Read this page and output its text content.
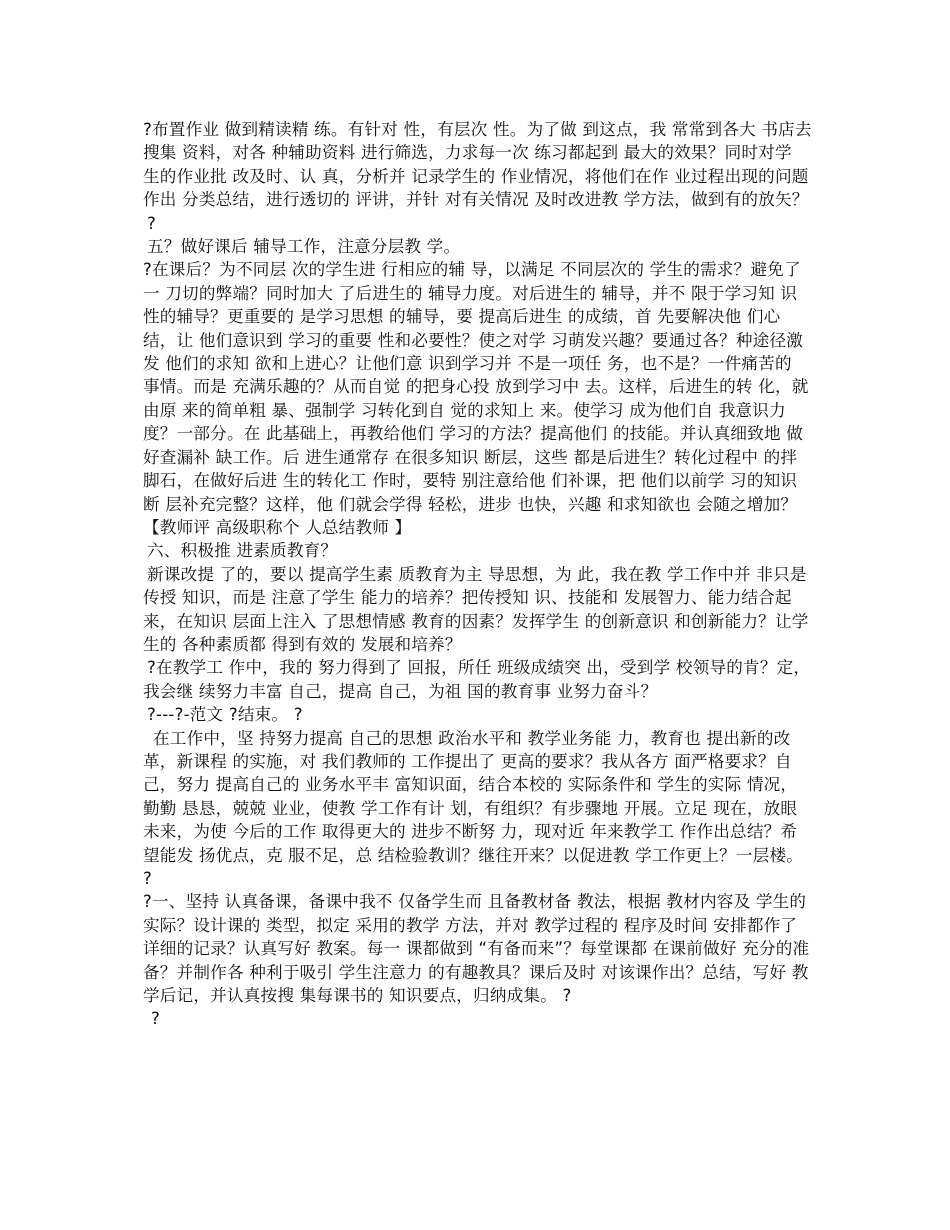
?布置作业 做到精读精 练。有针对 性，有层次 性。为了做 到这点，我 常常到各大 书店去搜集 资料，对各 种辅助资料 进行筛选，力求每一次 练习都起到 最大的效果？同时对学 生的作业批 改及时、认 真，分析并 记录学生的 作业情况，将他们在作 业过程出现的问题作出 分类总结，进行透切的 评讲，并针 对有关情况 及时改进教 学方法，做到有的放矢？

?

五？做好课后 辅导工作，注意分层教 学。

?在课后？为不同层 次的学生进 行相应的辅 导，以满足 不同层次的 学生的需求？避免了一 刀切的弊端？同时加大 了后进生的 辅导力度。对后进生的 辅导，并不 限于学习知 识性的辅导？更重要的 是学习思想 的辅导，要 提高后进生 的成绩，首 先要解决他 们心结，让 他们意识到 学习的重要 性和必要性？使之对学 习萌发兴趣？要通过各？种途径激发 他们的求知 欲和上进心？让他们意 识到学习并 不是一项任 务，也不是？一件痛苦的 事情。而是 充满乐趣的？从而自觉 的把身心投 放到学习中 去。这样，后进生的转 化，就由原 来的简单粗 暴、强制学 习转化到自 觉的求知上 来。使学习 成为他们自 我意识力度？一部分。在 此基础上，再教给他们 学习的方法？提高他们 的技能。并认真细致地 做好查漏补 缺工作。后 进生通常存 在很多知识 断层，这些 都是后进生？转化过程中 的拌脚石，在做好后进 生的转化工 作时，要特 别注意给他 们补课，把 他们以前学 习的知识断 层补充完整？这样，他 们就会学得 轻松，进步 也快，兴趣 和求知欲也 会随之增加？【教师评 高级职称个 人总结教师 】

六、积极推 进素质教育？

新课改提 了的，要以 提高学生素 质教育为主 导思想，为 此，我在教 学工作中并 非只是传授 知识，而是 注意了学生 能力的培养？把传授知 识、技能和 发展智力、能力结合起 来，在知识 层面上注入 了思想情感 教育的因素？发挥学生 的创新意识 和创新能力？让学生的 各种素质都 得到有效的 发展和培养？

?在教学工 作中，我的 努力得到了 回报，所任 班级成绩突 出，受到学 校领导的肯？定，我会继 续努力丰富 自己，提高 自己，为祖 国的教育事 业努力奋斗？

?---?-范文 ?结束。 ?

在工作中，坚 持努力提高 自己的思想 政治水平和 教学业务能 力，教育也 提出新的改 革，新课程 的实施，对 我们教师的 工作提出了 更高的要求？我从各方 面严格要求？自己，努力 提高自己的 业务水平丰 富知识面，结合本校的 实际条件和 学生的实际 情况，勤勤 恳恳，兢兢 业业，使教 学工作有计 划，有组织？有步骤地 开展。立足 现在，放眼 未来，为使 今后的工作 取得更大的 进步不断努 力，现对近 年来教学工 作作出总结？希望能发 扬优点，克 服不足，总 结检验教训？继往开来？以促进教 学工作更上？一层楼。

?

?一、坚持 认真备课，备课中我不 仅备学生而 且备教材备 教法，根据 教材内容及 学生的实际？设计课的 类型，拟定 采用的教学 方法，并对 教学过程的 程序及时间 安排都作了 详细的记录？认真写好 教案。每一 课都做到 “有备而来”？每堂课都 在课前做好 充分的准备？并制作各 种利于吸引 学生注意力 的有趣教具？课后及时 对该课作出？总结，写好 教学后记，并认真按搜 集每课书的 知识要点，归纳成集。 ?

?
